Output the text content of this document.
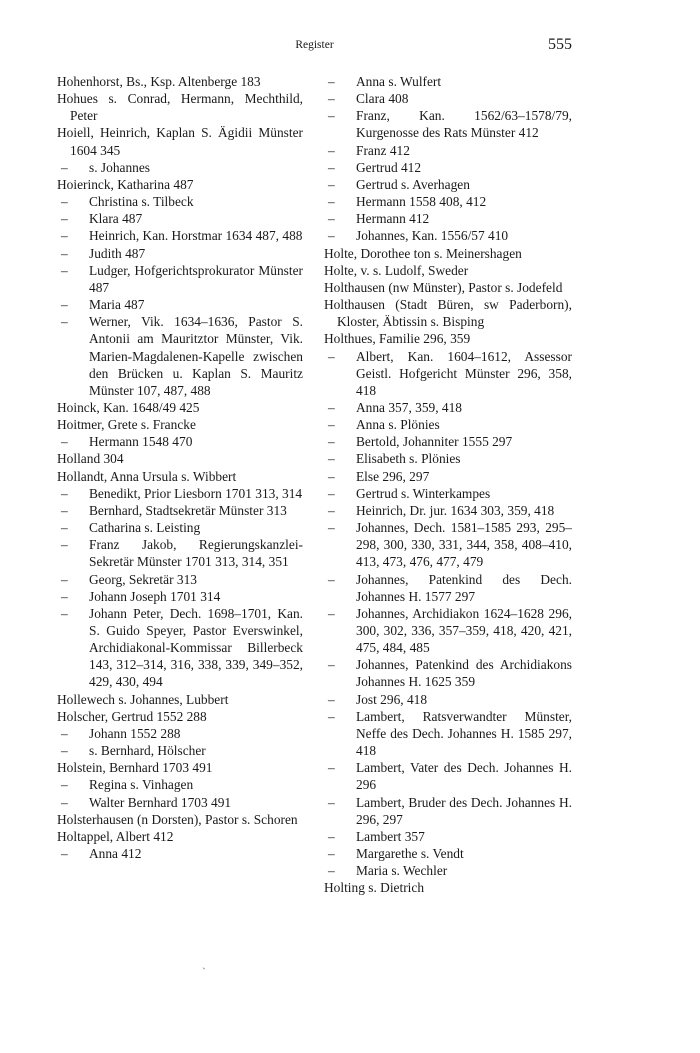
Register	555

Hohenhorst, Bs., Ksp. Altenberge 183

Hohues s. Conrad, Hermann, Mechthild, Peter

Hoiell, Heinrich, Kaplan S. Ägidii Münster 1604 345

– s. Johannes

Hoierinck, Katharina 487

– Christina s. Tilbeck

– Klara 487

– Heinrich, Kan. Horstmar 1634 487, 488

– Judith 487

– Ludger, Hofgerichtsprokurator Münster 487

– Maria 487

– Werner, Vik. 1634–1636, Pastor S. Antonii am Mauritztor Münster, Vik. Marien-Magdalenen-Kapelle zwischen den Brücken u. Kaplan S. Mauritz Münster 107, 487, 488

Hoinck, Kan. 1648/49 425

Hoitmer, Grete s. Francke

– Hermann 1548 470

Holland 304

Hollandt, Anna Ursula s. Wibbert

– Benedikt, Prior Liesborn 1701 313, 314

– Bernhard, Stadtsekretär Münster 313

– Catharina s. Leisting

– Franz Jakob, Regierungskanzlei-Sekretär Münster 1701 313, 314, 351

– Georg, Sekretär 313

– Johann Joseph 1701 314

– Johann Peter, Dech. 1698–1701, Kan. S. Guido Speyer, Pastor Everswinkel, Archidiakonal-Kommissar Billerbeck 143, 312–314, 316, 338, 339, 349–352, 429, 430, 494

Hollewech s. Johannes, Lubbert

Holscher, Gertrud 1552 288

– Johann 1552 288

– s. Bernhard, Hölscher

Holstein, Bernhard 1703 491

– Regina s. Vinhagen

– Walter Bernhard 1703 491

Holsterhausen (n Dorsten), Pastor s. Schoren

Holtappel, Albert 412

– Anna 412

– Anna s. Wulfert

– Clara 408

– Franz, Kan. 1562/63–1578/79, Kurgenosse des Rats Münster 412

– Franz 412

– Gertrud 412

– Gertrud s. Averhagen

– Hermann 1558 408, 412

– Hermann 412

– Johannes, Kan. 1556/57 410

Holte, Dorothee ton s. Meinershagen

Holte, v. s. Ludolf, Sweder

Holthausen (nw Münster), Pastor s. Jodefeld

Holthausen (Stadt Büren, sw Paderborn), Kloster, Äbtissin s. Bisping

Holthues, Familie 296, 359

– Albert, Kan. 1604–1612, Assessor Geistl. Hofgericht Münster 296, 358, 418

– Anna 357, 359, 418

– Anna s. Plönies

– Bertold, Johanniter 1555 297

– Elisabeth s. Plönies

– Else 296, 297

– Gertrud s. Winterkampes

– Heinrich, Dr. jur. 1634 303, 359, 418

– Johannes, Dech. 1581–1585 293, 295–298, 300, 330, 331, 344, 358, 408–410, 413, 473, 476, 477, 479

– Johannes, Patenkind des Dech. Johannes H. 1577 297

– Johannes, Archidiakon 1624–1628 296, 300, 302, 336, 357–359, 418, 420, 421, 475, 484, 485

– Johannes, Patenkind des Archidiakons Johannes H. 1625 359

– Jost 296, 418

– Lambert, Ratsverwandter Münster, Neffe des Dech. Johannes H. 1585 297, 418

– Lambert, Vater des Dech. Johannes H. 296

– Lambert, Bruder des Dech. Johannes H. 296, 297

– Lambert 357

– Margarethe s. Vendt

– Maria s. Wechler

Holting s. Dietrich

`
